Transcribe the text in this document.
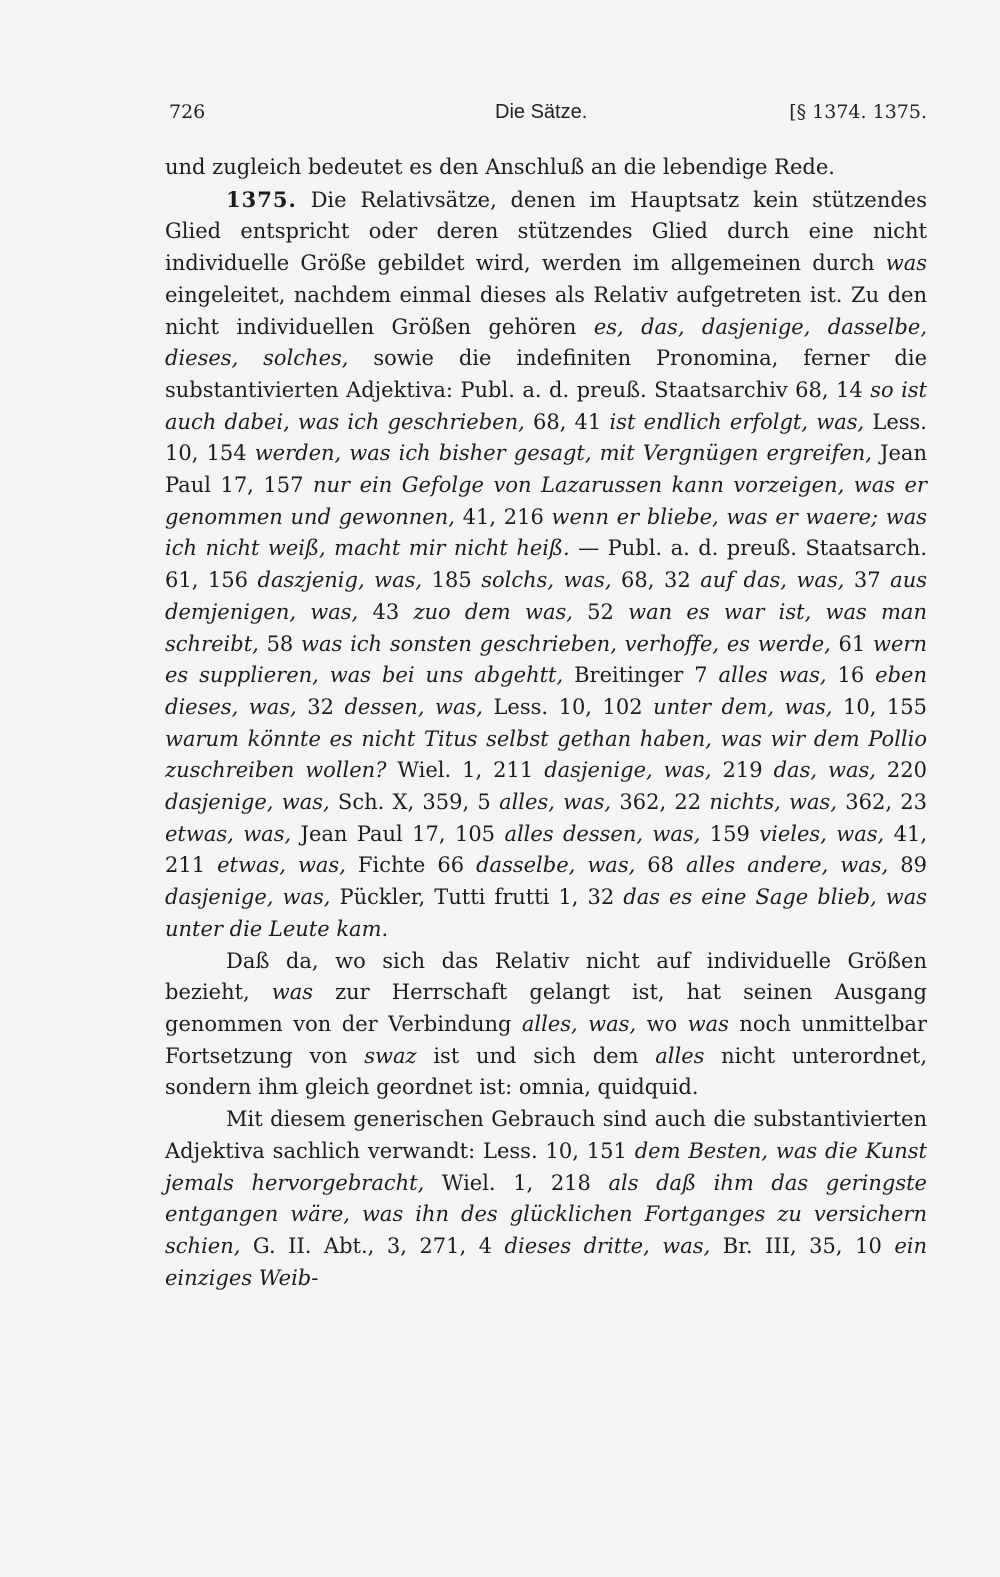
726	Die Sätze.	[§ 1374. 1375.

und zugleich bedeutet es den Anschluß an die lebendige Rede.

1375. Die Relativsätze, denen im Hauptsatz kein stützendes Glied entspricht oder deren stützendes Glied durch eine nicht individuelle Größe gebildet wird, werden im allgemeinen durch was eingeleitet, nachdem einmal dieses als Relativ aufgetreten ist. Zu den nicht individuellen Größen gehören es, das, dasjenige, dasselbe, dieses, solches, sowie die indefiniten Pronomina, ferner die substantivierten Adjektiva: Publ. a. d. preuß. Staatsarchiv 68, 14 so ist auch dabei, was ich geschrieben, 68, 41 ist endlich erfolgt, was, Less. 10, 154 werden, was ich bisher gesagt, mit Vergnügen ergreifen, Jean Paul 17, 157 nur ein Gefolge von Lazarussen kann vorzeigen, was er genommen und gewonnen, 41, 216 wenn er bliebe, was er waere; was ich nicht weiß, macht mir nicht heiß. — Publ. a. d. preuß. Staatsarch. 61, 156 daszjenig, was, 185 solchs, was, 68, 32 auf das, was, 37 aus demjenigen, was, 43 zuo dem was, 52 wan es war ist, was man schreibt, 58 was ich sonsten geschrieben, verhoffe, es werde, 61 wern es supplieren, was bei uns abgehtt, Breitinger 7 alles was, 16 eben dieses, was, 32 dessen, was, Less. 10, 102 unter dem, was, 10, 155 warum könnte es nicht Titus selbst gethan haben, was wir dem Pollio zuschreiben wollen? Wiel. 1, 211 dasjenige, was, 219 das, was, 220 dasjenige, was, Sch. X, 359, 5 alles, was, 362, 22 nichts, was, 362, 23 etwas, was, Jean Paul 17, 105 alles dessen, was, 159 vieles, was, 41, 211 etwas, was, Fichte 66 dasselbe, was, 68 alles andere, was, 89 dasjenige, was, Pückler, Tutti frutti 1, 32 das es eine Sage blieb, was unter die Leute kam.

Daß da, wo sich das Relativ nicht auf individuelle Größen bezieht, was zur Herrschaft gelangt ist, hat seinen Ausgang genommen von der Verbindung alles, was, wo was noch unmittelbar Fortsetzung von swaz ist und sich dem alles nicht unterordnet, sondern ihm gleich geordnet ist: omnia, quidquid.

Mit diesem generischen Gebrauch sind auch die substantivierten Adjektiva sachlich verwandt: Less. 10, 151 dem Besten, was die Kunst jemals hervorgebracht, Wiel. 1, 218 als daß ihm das geringste entgangen wäre, was ihn des glücklichen Fortganges zu versichern schien, G. II. Abt., 3, 271, 4 dieses dritte, was, Br. III, 35, 10 ein einziges Weib-
